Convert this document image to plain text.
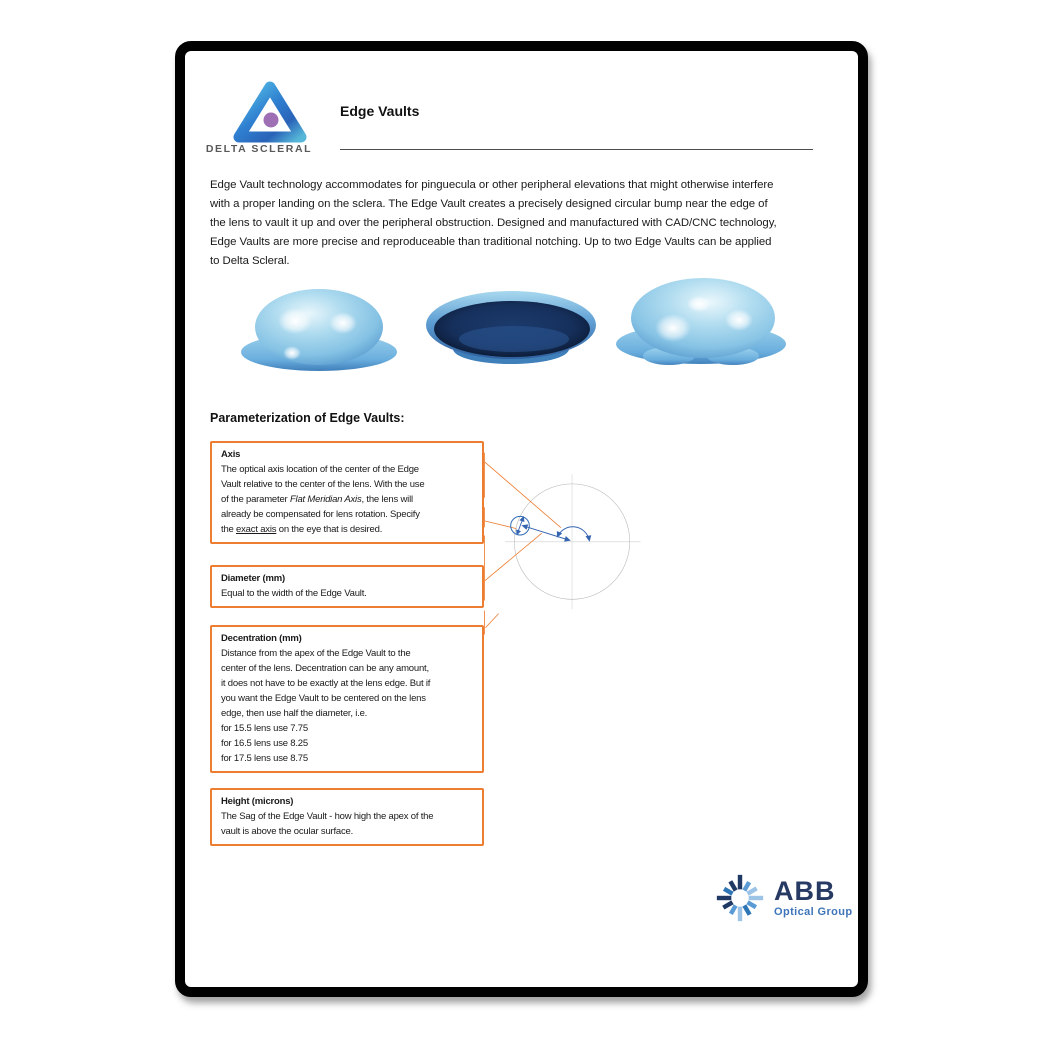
DELTA SCLERAL
Edge Vaults
Edge Vault technology accommodates for pinguecula or other peripheral elevations that might otherwise interfere
with a proper landing on the sclera. The Edge Vault creates a precisely designed circular bump near the edge of
the lens to vault it up and over the peripheral obstruction. Designed and manufactured with CAD/CNC technology,
Edge Vaults are more precise and reproduceable than traditional notching. Up to two Edge Vaults can be applied
to Delta Scleral.
Parameterization of Edge Vaults:
Axis
The optical axis location of the center of the Edge
Vault relative to the center of the lens. With the use
of the parameter Flat Meridian Axis, the lens will
already be compensated for lens rotation. Specify
the exact axis on the eye that is desired.
Diameter (mm)
Equal to the width of the Edge Vault.
Decentration (mm)
Distance from the apex of the Edge Vault to the
center of the lens. Decentration can be any amount,
it does not have to be exactly at the lens edge. But if
you want the Edge Vault to be centered on the lens
edge, then use half the diameter, i.e.
for 15.5 lens use 7.75
for 16.5 lens use 8.25
for 17.5 lens use 8.75
Height (microns)
The Sag of the Edge Vault - how high the apex of the
vault is above the ocular surface.
ABB
Optical Group
